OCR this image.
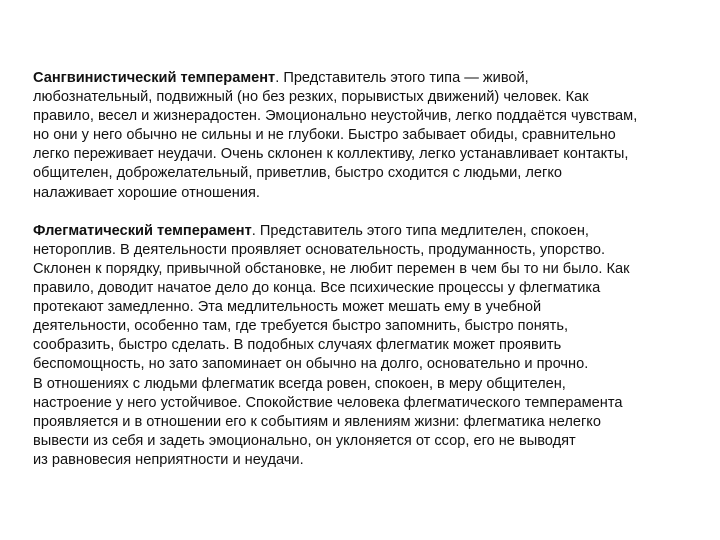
Сангвинистический темперамент. Представитель этого типа — живой,
любознательный, подвижный (но без резких, порывистых движений) человек. Как
правило, весел и жизнерадостен. Эмоционально неустойчив, легко поддаётся чувствам,
но они у него обычно не сильны и не глубоки. Быстро забывает обиды, сравнительно
легко переживает неудачи. Очень склонен к коллективу, легко устанавливает контакты,
общителен, доброжелательный, приветлив, быстро сходится с людьми, легко
налаживает хорошие отношения.

Флегматический темперамент. Представитель этого типа медлителен, спокоен,
нетороплив. В деятельности проявляет основательность, продуманность, упорство.
Склонен к порядку, привычной обстановке, не любит перемен в чем бы то ни было. Как
правило, доводит начатое дело до конца. Все психические процессы у флегматика
протекают замедленно. Эта медлительность может мешать ему в учебной
деятельности, особенно там, где требуется быстро запомнить, быстро понять,
сообразить, быстро сделать. В подобных случаях флегматик может проявить
беспомощность, но зато запоминает он обычно на долго, основательно и прочно.
В отношениях с людьми флегматик всегда ровен, спокоен, в меру общителен,
настроение у него устойчивое. Спокойствие человека флегматического темперамента
проявляется и в отношении его к событиям и явлениям жизни: флегматика нелегко
вывести из себя и задеть эмоционально, он уклоняется от ссор, его не выводят
из равновесия неприятности и неудачи.
